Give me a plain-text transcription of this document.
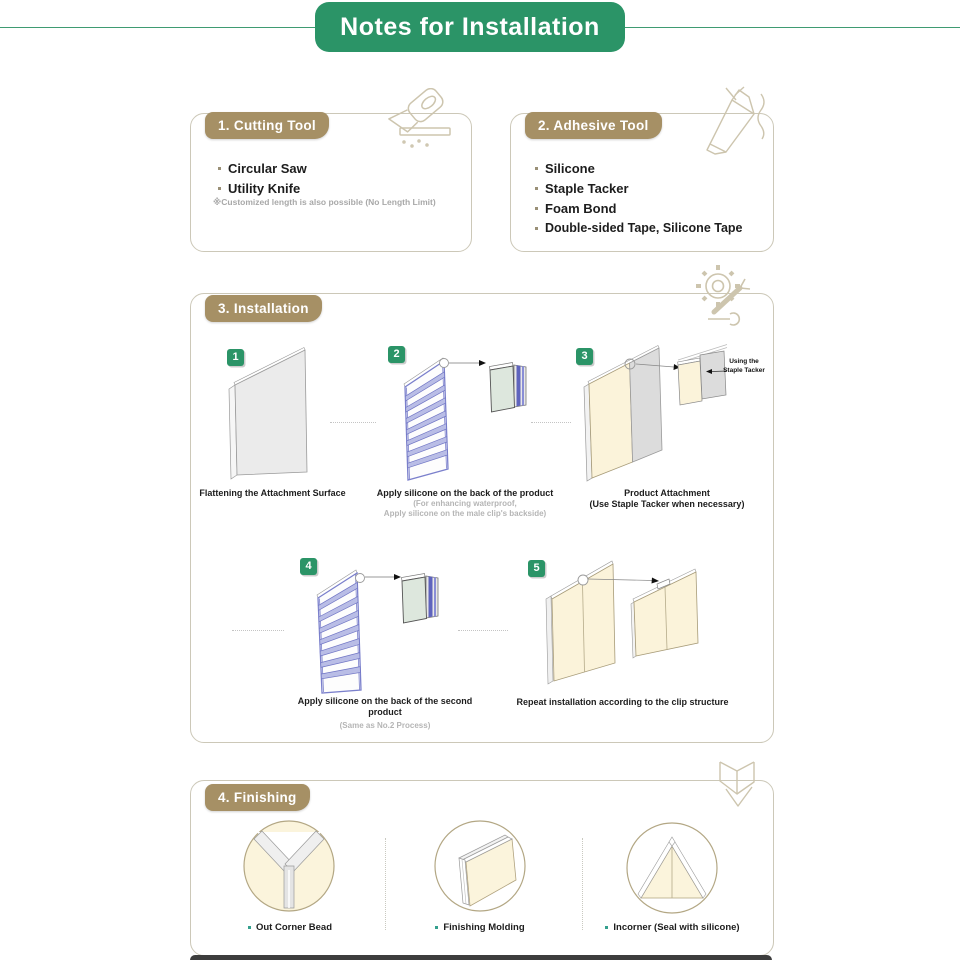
Notes for Installation
1. Cutting Tool
Circular Saw
Utility Knife
※Customized length is also possible (No Length Limit)
2. Adhesive Tool
Silicone
Staple Tacker
Foam Bond
Double-sided Tape, Silicone Tape
3. Installation
1	2	3
4	5
Using the
Staple Tacker
Flattening the Attachment Surface	Apply silicone on the back of the product
(For enhancing waterproof,
Apply silicone on the male clip's backside)
Product Attachment
(Use Staple Tacker when necessary)
Apply silicone on the back of the second product
(Same as No.2 Process)
Repeat installation according to the clip structure
4. Finishing
Out Corner Bead	Finishing Molding	Incorner (Seal with silicone)
